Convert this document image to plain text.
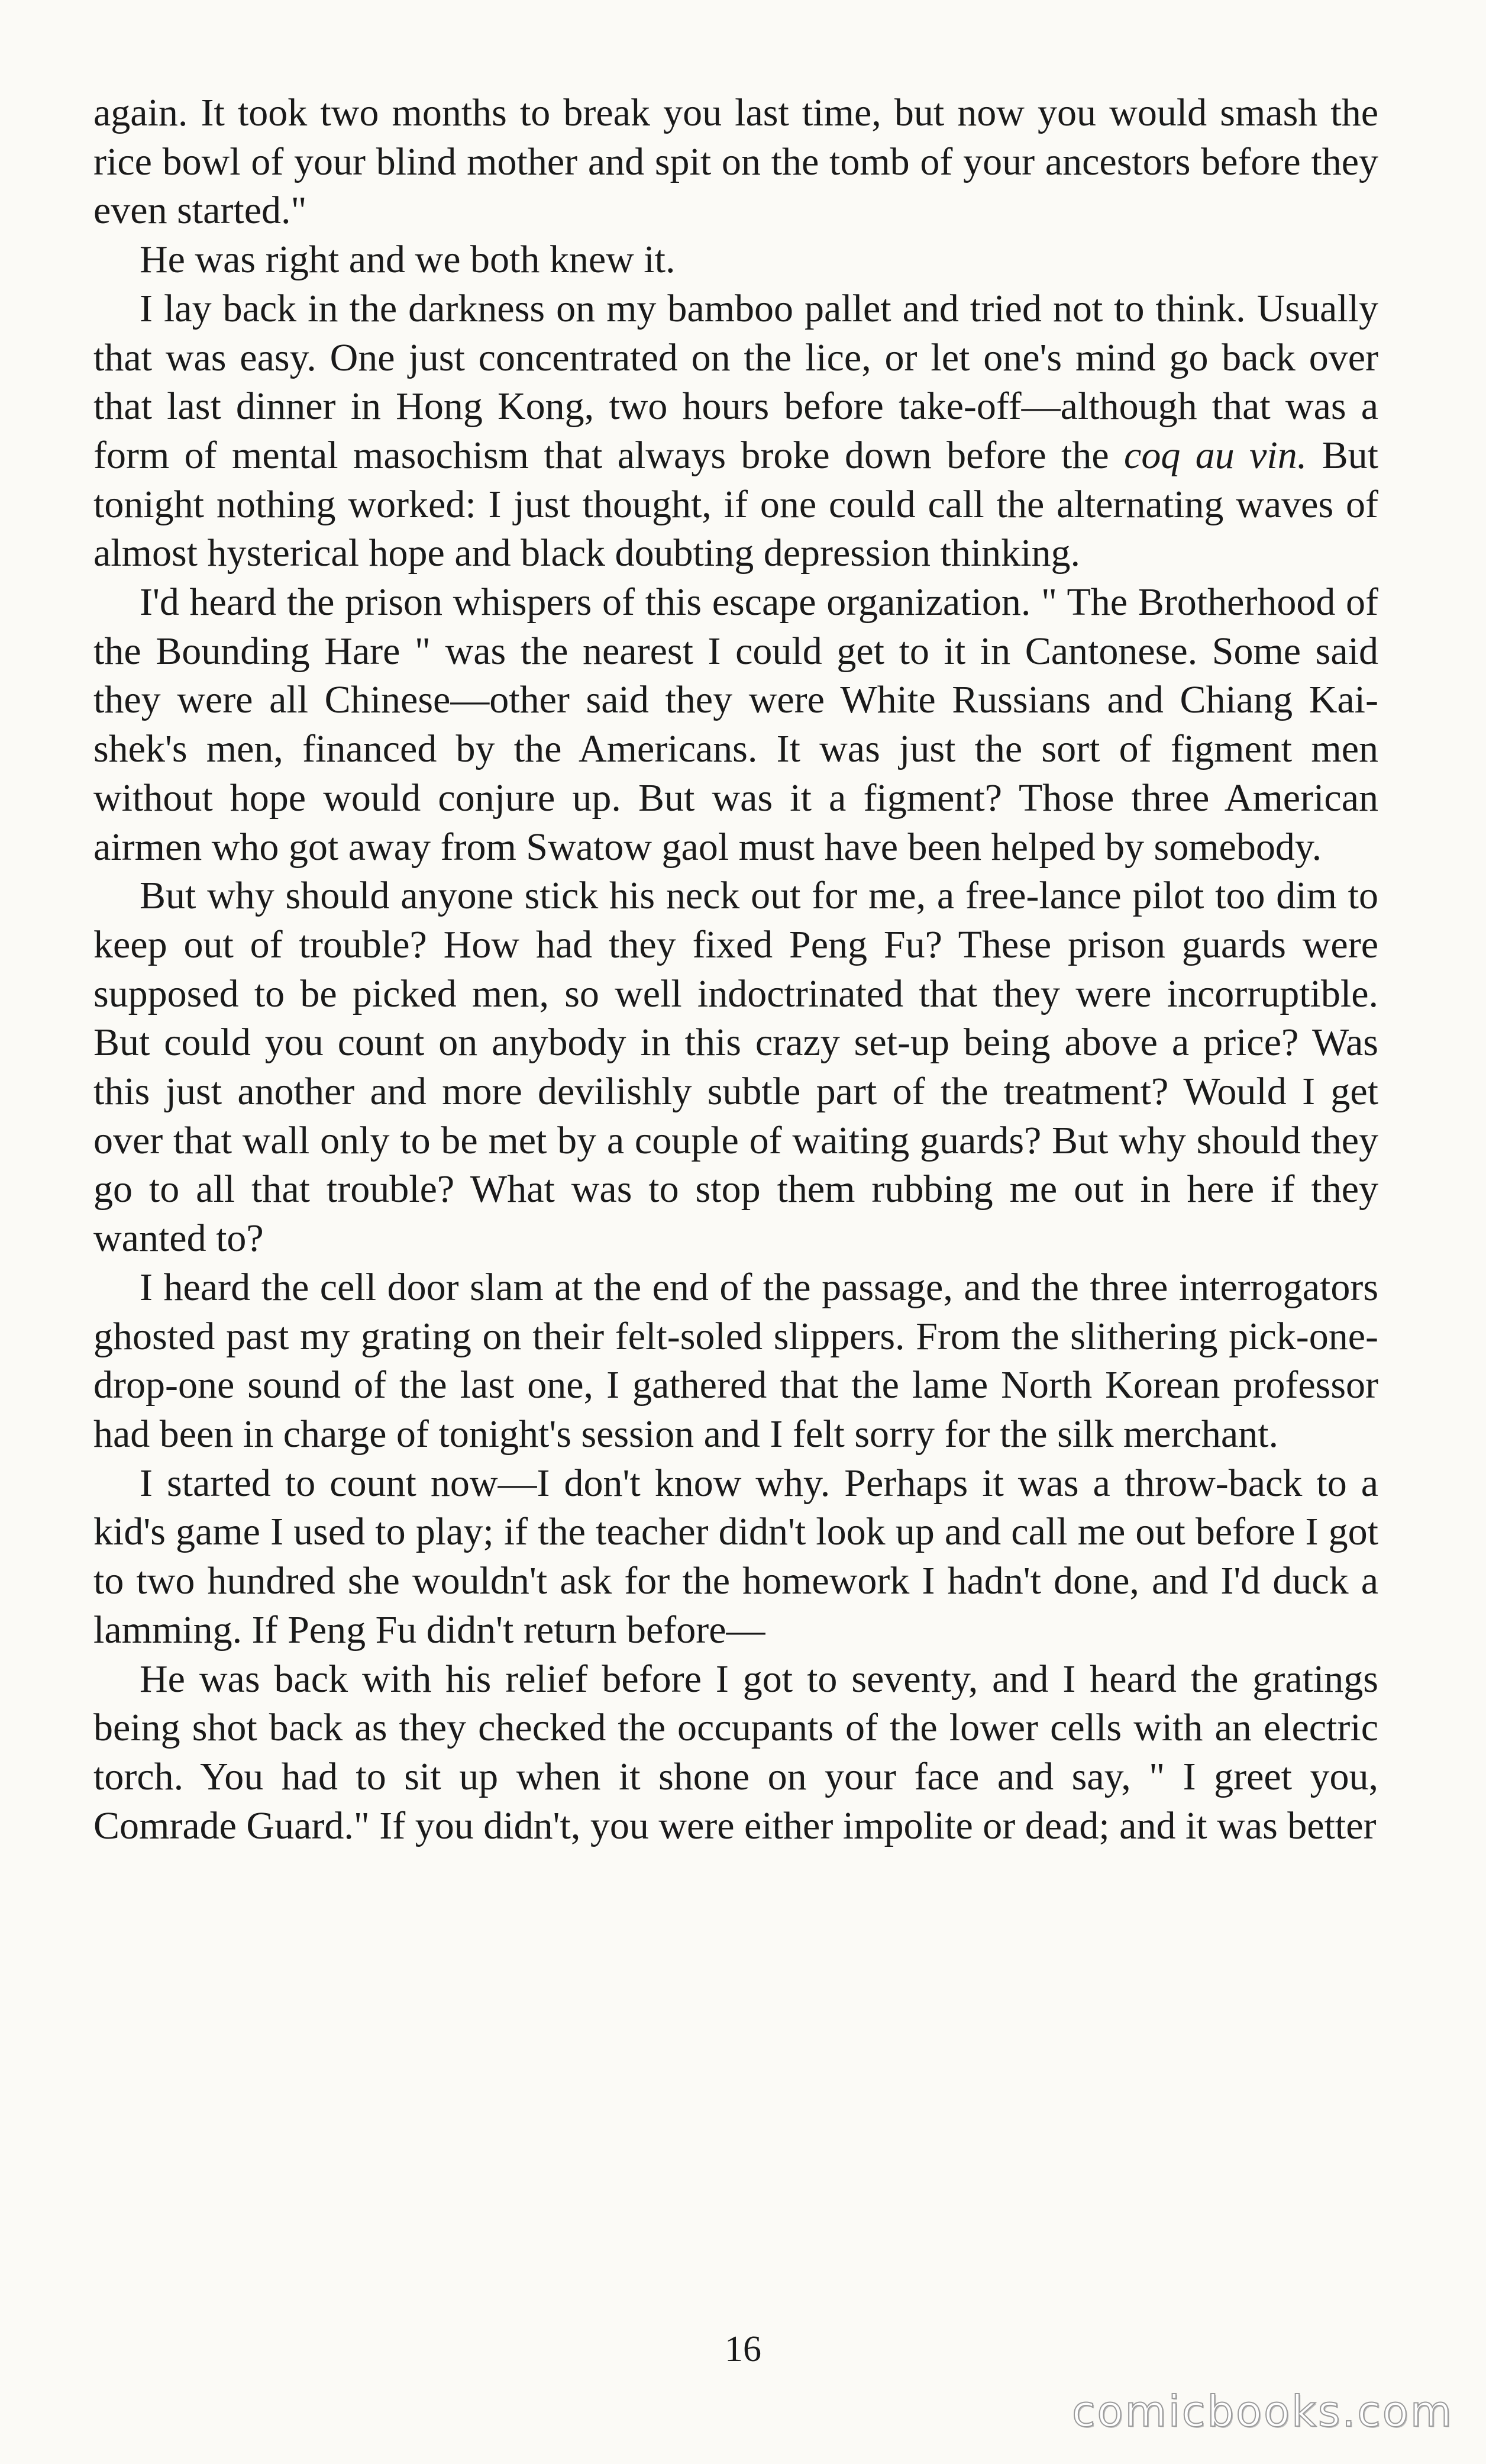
again. It took two months to break you last time, but now you would smash the rice bowl of your blind mother and spit on the tomb of your ancestors before they even started."

He was right and we both knew it.

I lay back in the darkness on my bamboo pallet and tried not to think. Usually that was easy. One just concentrated on the lice, or let one's mind go back over that last dinner in Hong Kong, two hours before take-off—although that was a form of mental masochism that always broke down before the coq au vin. But tonight nothing worked: I just thought, if one could call the alternating waves of almost hysterical hope and black doubting depression thinking.

I'd heard the prison whispers of this escape organization. " The Brotherhood of the Bounding Hare " was the nearest I could get to it in Cantonese. Some said they were all Chinese—other said they were White Russians and Chiang Kai-shek's men, financed by the Americans. It was just the sort of figment men without hope would conjure up. But was it a figment? Those three American airmen who got away from Swatow gaol must have been helped by somebody.

But why should anyone stick his neck out for me, a free-lance pilot too dim to keep out of trouble? How had they fixed Peng Fu? These prison guards were supposed to be picked men, so well indoctrinated that they were incorruptible. But could you count on anybody in this crazy set-up being above a price? Was this just another and more devilishly subtle part of the treatment? Would I get over that wall only to be met by a couple of waiting guards? But why should they go to all that trouble? What was to stop them rubbing me out in here if they wanted to?

I heard the cell door slam at the end of the passage, and the three interrogators ghosted past my grating on their felt-soled slippers. From the slithering pick-one-drop-one sound of the last one, I gathered that the lame North Korean professor had been in charge of tonight's session and I felt sorry for the silk merchant.

I started to count now—I don't know why. Perhaps it was a throw-back to a kid's game I used to play; if the teacher didn't look up and call me out before I got to two hundred she wouldn't ask for the homework I hadn't done, and I'd duck a lamming. If Peng Fu didn't return before—

He was back with his relief before I got to seventy, and I heard the gratings being shot back as they checked the occupants of the lower cells with an electric torch. You had to sit up when it shone on your face and say, " I greet you, Comrade Guard." If you didn't, you were either impolite or dead; and it was better

16
comicbooks.com
